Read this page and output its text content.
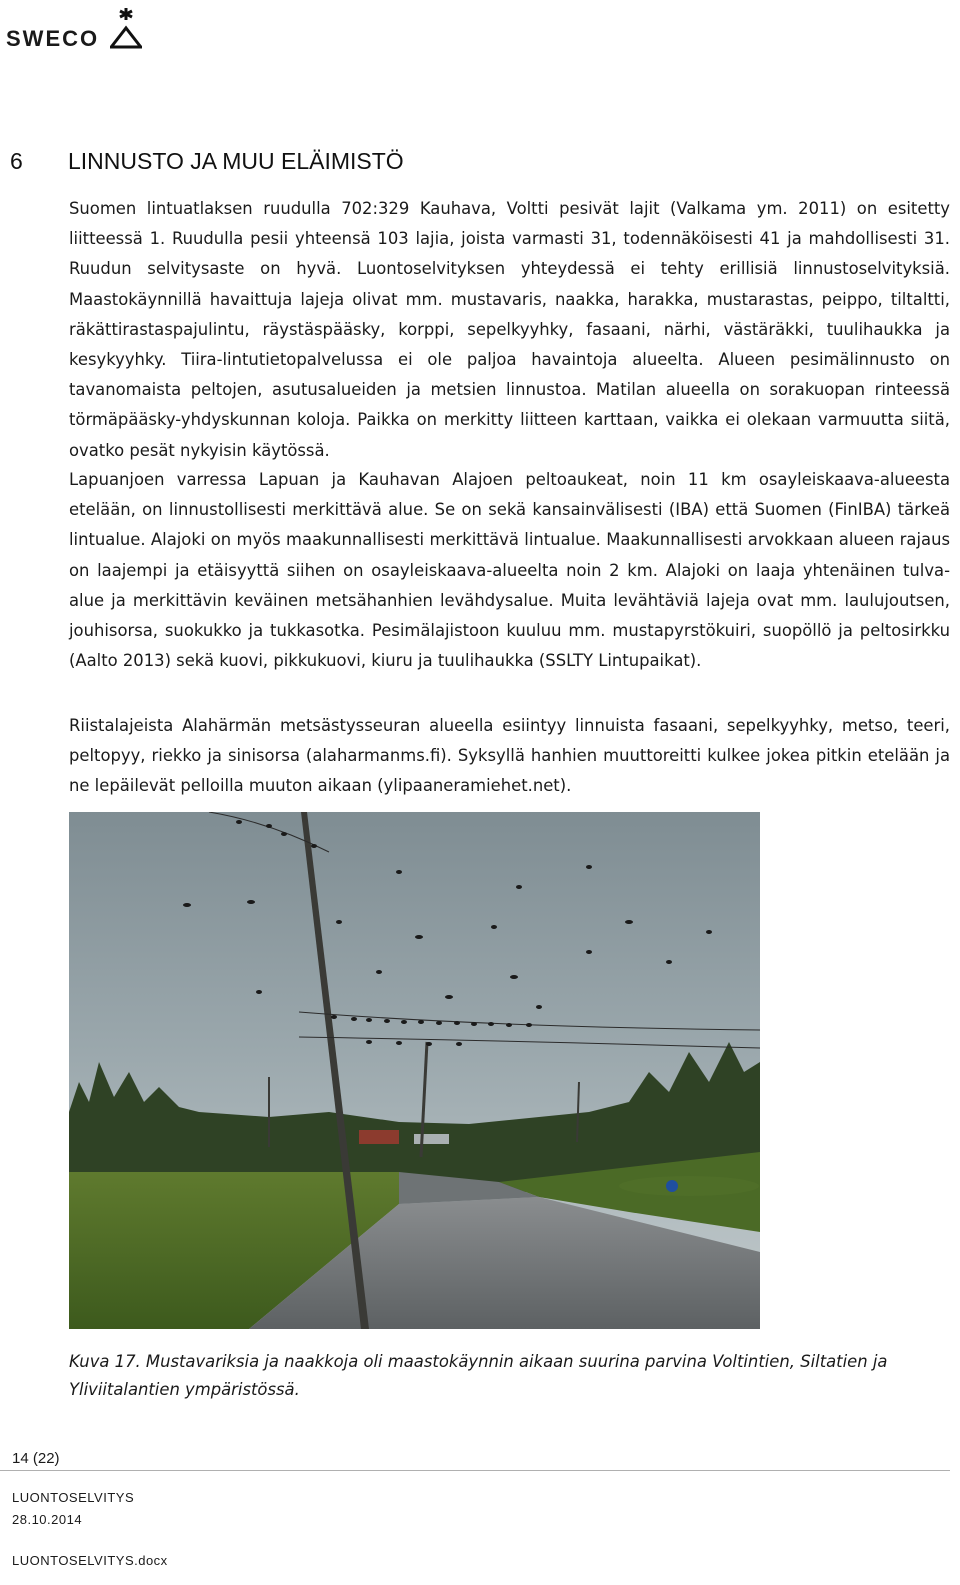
SWECO
6 LINNUSTO JA MUU ELÄIMISTÖ
Suomen lintuatlaksen ruudulla 702:329 Kauhava, Voltti pesivät lajit (Valkama ym. 2011) on esitetty liitteessä 1. Ruudulla pesii yhteensä 103 lajia, joista varmasti 31, todennäköisesti 41 ja mahdollisesti 31. Ruudun selvitysaste on hyvä. Luontoselvityksen yhteydessä ei tehty erillisiä linnustoselvityksiä. Maastokäynnillä havaittuja lajeja olivat mm. mustavaris, naakka, harakka, mustarastas, peippo, tiltaltti, räkättirastaspajulintu, räystäspääsky, korppi, sepelkyyhky, fasaani, närhi, västäräkki, tuulihaukka ja kesykyyhky. Tiira-lintutietopalvelussa ei ole paljoa havaintoja alueelta. Alueen pesimälinnusto on tavanomaista peltojen, asutusalueiden ja metsien linnustoa. Matilan alueella on sorakuopan rinteessä törmäpääsky-yhdyskunnan koloja. Paikka on merkitty liitteen karttaan, vaikka ei olekaan varmuutta siitä, ovatko pesät nykyisin käytössä.
Lapuanjoen varressa Lapuan ja Kauhavan Alajoen peltoaukeat, noin 11 km osayleiskaava-alueesta etelään, on linnustollisesti merkittävä alue. Se on sekä kansainvälisesti (IBA) että Suomen (FinIBA) tärkeä lintualue. Alajoki on myös maakunnallisesti merkittävä lintualue. Maakunnallisesti arvokkaan alueen rajaus on laajempi ja etäisyyttä siihen on osayleiskaava-alueelta noin 2 km. Alajoki on laaja yhtenäinen tulva-alue ja merkittävin keväinen metsähanhien levähdysalue. Muita levähtäviä lajeja ovat mm. laulujoutsen, jouhisorsa, suokukko ja tukkasotka. Pesimälajistoon kuuluu mm. mustapyrstökuiri, suopöllö ja peltosirkku (Aalto 2013) sekä kuovi, pikkukuovi, kiuru ja tuulihaukka (SSLTY Lintupaikat).
Riistalajeista Alahärmän metsästysseuran alueella esiintyy linnuista fasaani, sepelkyyhky, metso, teeri, peltopyy, riekko ja sinisorsa (alaharmanms.fi). Syksyllä hanhien muuttoreitti kulkee jokea pitkin etelään ja ne lepäilevät pelloilla muuton aikaan (ylipaaneramiehet.net).
Kuva 17. Mustavariksia ja naakkoja oli maastokäynnin aikaan suurina parvina Voltintien, Siltatien ja Yliviitalantien ympäristössä.
14 (22)
LUONTOSELVITYS
28.10.2014
LUONTOSELVITYS.docx
